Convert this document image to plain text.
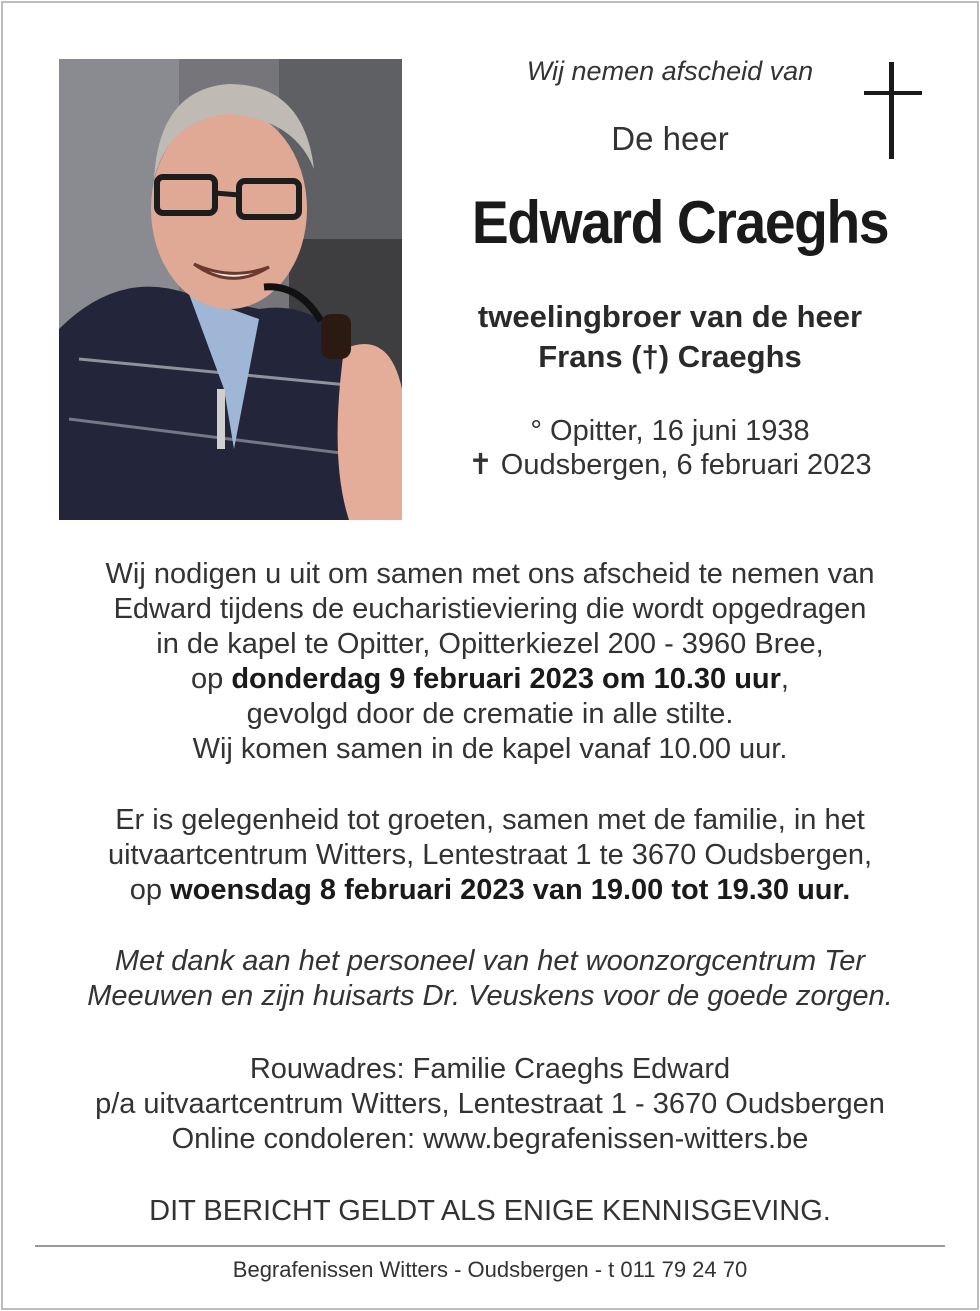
Wij nemen afscheid van
De heer
Edward Craeghs
tweelingbroer van de heer
Frans (†) Craeghs
° Opitter, 16 juni 1938
✝ Oudsbergen, 6 februari 2023
Wij nodigen u uit om samen met ons afscheid te nemen van
Edward tijdens de eucharistieviering die wordt opgedragen
in de kapel te Opitter, Opitterkiezel 200 - 3960 Bree,
op donderdag 9 februari 2023 om 10.30 uur,
gevolgd door de crematie in alle stilte.
Wij komen samen in de kapel vanaf 10.00 uur.
Er is gelegenheid tot groeten, samen met de familie, in het
uitvaartcentrum Witters, Lentestraat 1 te 3670 Oudsbergen,
op woensdag 8 februari 2023 van 19.00 tot 19.30 uur.
Met dank aan het personeel van het woonzorgcentrum Ter
Meeuwen en zijn huisarts Dr. Veuskens voor de goede zorgen.
Rouwadres: Familie Craeghs Edward
p/a uitvaartcentrum Witters, Lentestraat 1 - 3670 Oudsbergen
Online condoleren: www.begrafenissen-witters.be
DIT BERICHT GELDT ALS ENIGE KENNISGEVING.
Begrafenissen Witters - Oudsbergen - t 011 79 24 70
